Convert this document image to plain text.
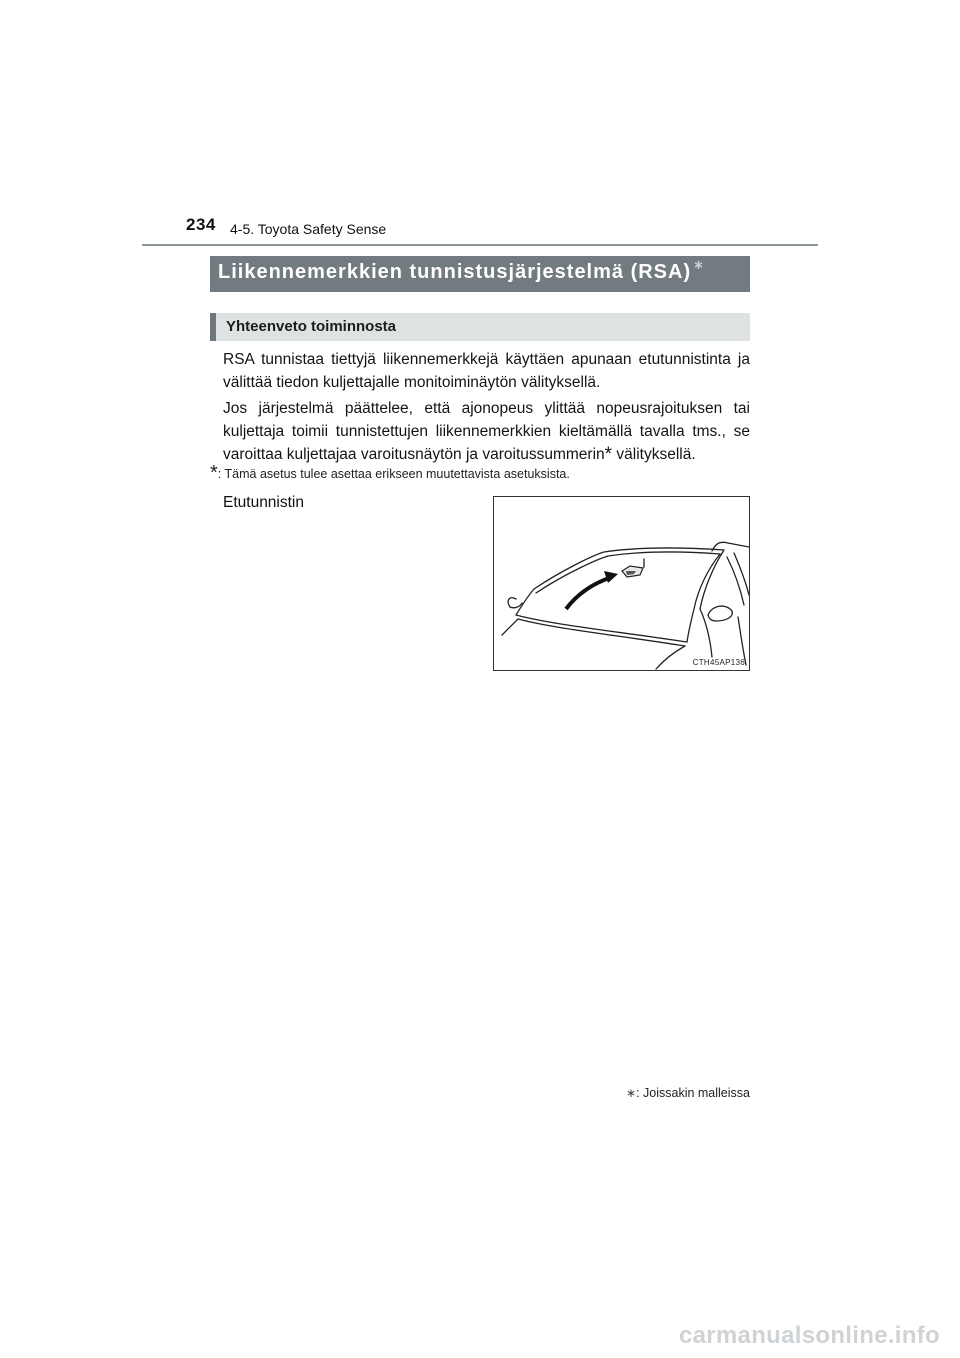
234 4-5. Toyota Safety Sense
Liikennemerkkien tunnistusjärjestelmä (RSA) ∗
Yhteenveto toiminnosta

RSA tunnistaa tiettyjä liikennemerkkejä käyttäen apunaan etutunnistinta ja välittää tiedon kuljettajalle monitoiminäytön välityksellä.

Jos järjestelmä päättelee, että ajonopeus ylittää nopeusrajoituksen tai kuljettaja toimii tunnistettujen liikennemerkkien kieltämällä tavalla tms., se varoittaa kuljettajaa varoitusnäytön ja varoitussummerin* välityksellä.

*: Tämä asetus tulee asettaa erikseen muutettavista asetuksista.
Etutunnistin
CTH45AP136
∗: Joissakin malleissa
carmanualsonline.info
